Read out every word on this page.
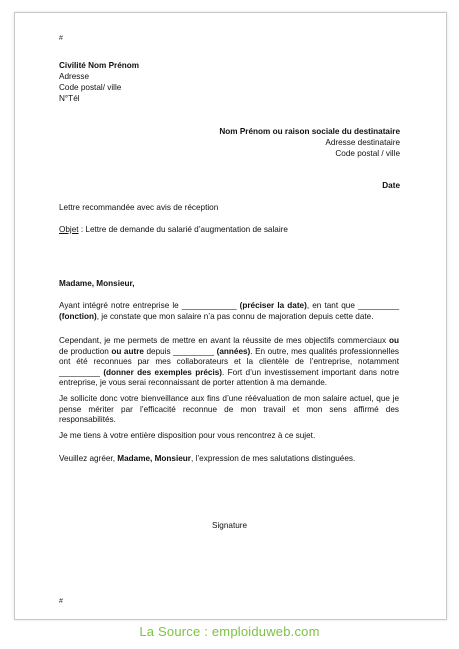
#

Civilité Nom Prénom

Adresse

Code postal/ ville

N°Tél

Nom Prénom ou raison sociale du destinataire

Adresse destinataire

Code postal / ville

Date

Lettre recommandée avec avis de réception

Objet : Lettre de demande du salarié d’augmentation de salaire

Madame, Monsieur,

Ayant intégré notre entreprise le ____________ (préciser la date), en tant que _________ (fonction), je constate que mon salaire n’a pas connu de majoration depuis cette date.

Cependant, je me permets de mettre en avant la réussite de mes objectifs commerciaux ou de production ou autre depuis _________ (années). En outre, mes qualités professionnelles ont été reconnues par mes collaborateurs et la clientèle de l’entreprise, notamment _________ (donner des exemples précis). Fort d’un investissement important dans notre entreprise, je vous serai reconnaissant de porter attention à ma demande.

Je sollicite donc votre bienveillance aux fins d’une réévaluation de mon salaire actuel, que je pense mériter par l’efficacité reconnue de mon travail et mon sens affirmé des responsabilités.

Je me tiens à votre entière disposition pour vous rencontrez à ce sujet.

Veuillez agréer, Madame, Monsieur, l’expression de mes salutations distinguées.

Signature

#
La Source : emploiduweb.com
